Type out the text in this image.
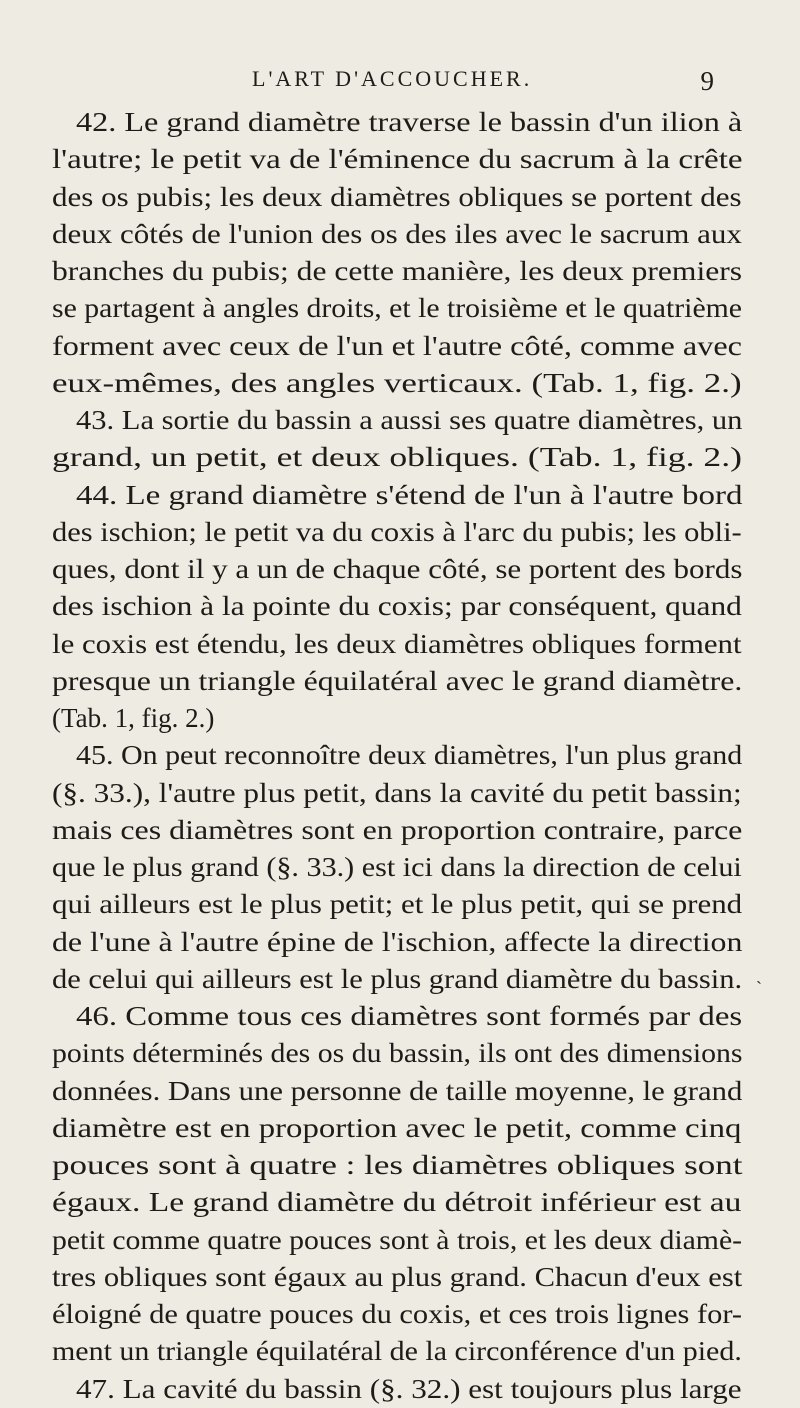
L'ART D'ACCOUCHER.	9
42. Le grand diamètre traverse le bassin d'un ilion à
l'autre; le petit va de l'éminence du sacrum à la crête
des os pubis; les deux diamètres obliques se portent des
deux côtés de l'union des os des iles avec le sacrum aux
branches du pubis; de cette manière, les deux premiers
se partagent à angles droits, et le troisième et le quatrième
forment avec ceux de l'un et l'autre côté, comme avec
eux-mêmes, des angles verticaux. (Tab. 1, fig. 2.)
43. La sortie du bassin a aussi ses quatre diamètres, un
grand, un petit, et deux obliques. (Tab. 1, fig. 2.)
44. Le grand diamètre s'étend de l'un à l'autre bord
des ischion; le petit va du coxis à l'arc du pubis; les obli-
ques, dont il y a un de chaque côté, se portent des bords
des ischion à la pointe du coxis; par conséquent, quand
le coxis est étendu, les deux diamètres obliques forment
presque un triangle équilatéral avec le grand diamètre.
(Tab. 1, fig. 2.)
45. On peut reconnoître deux diamètres, l'un plus grand
(§. 33.), l'autre plus petit, dans la cavité du petit bassin;
mais ces diamètres sont en proportion contraire, parce
que le plus grand (§. 33.) est ici dans la direction de celui
qui ailleurs est le plus petit; et le plus petit, qui se prend
de l'une à l'autre épine de l'ischion, affecte la direction
de celui qui ailleurs est le plus grand diamètre du bassin.
46. Comme tous ces diamètres sont formés par des
points déterminés des os du bassin, ils ont des dimensions
données. Dans une personne de taille moyenne, le grand
diamètre est en proportion avec le petit, comme cinq
pouces sont à quatre : les diamètres obliques sont
égaux. Le grand diamètre du détroit inférieur est au
petit comme quatre pouces sont à trois, et les deux diamè-
tres obliques sont égaux au plus grand. Chacun d'eux est
éloigné de quatre pouces du coxis, et ces trois lignes for-
ment un triangle équilatéral de la circonférence d'un pied.
47. La cavité du bassin (§. 32.) est toujours plus large
ˋ
